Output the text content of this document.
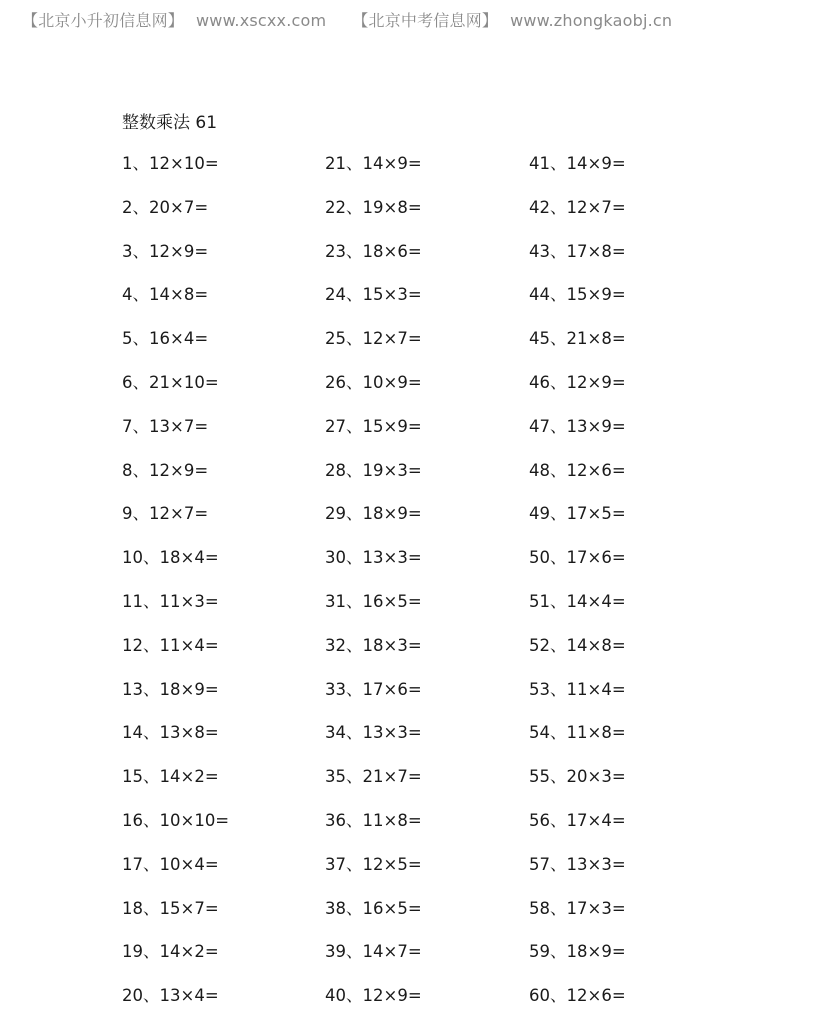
【北京小升初信息网】 www.xscxx.com 【北京中考信息网】 www.zhongkaobj.cn
整数乘法 61
1、12×10=
2、20×7=
3、12×9=
4、14×8=
5、16×4=
6、21×10=
7、13×7=
8、12×9=
9、12×7=
10、18×4=
11、11×3=
12、11×4=
13、18×9=
14、13×8=
15、14×2=
16、10×10=
17、10×4=
18、15×7=
19、14×2=
20、13×4=
21、14×9=
22、19×8=
23、18×6=
24、15×3=
25、12×7=
26、10×9=
27、15×9=
28、19×3=
29、18×9=
30、13×3=
31、16×5=
32、18×3=
33、17×6=
34、13×3=
35、21×7=
36、11×8=
37、12×5=
38、16×5=
39、14×7=
40、12×9=
41、14×9=
42、12×7=
43、17×8=
44、15×9=
45、21×8=
46、12×9=
47、13×9=
48、12×6=
49、17×5=
50、17×6=
51、14×4=
52、14×8=
53、11×4=
54、11×8=
55、20×3=
56、17×4=
57、13×3=
58、17×3=
59、18×9=
60、12×6=
